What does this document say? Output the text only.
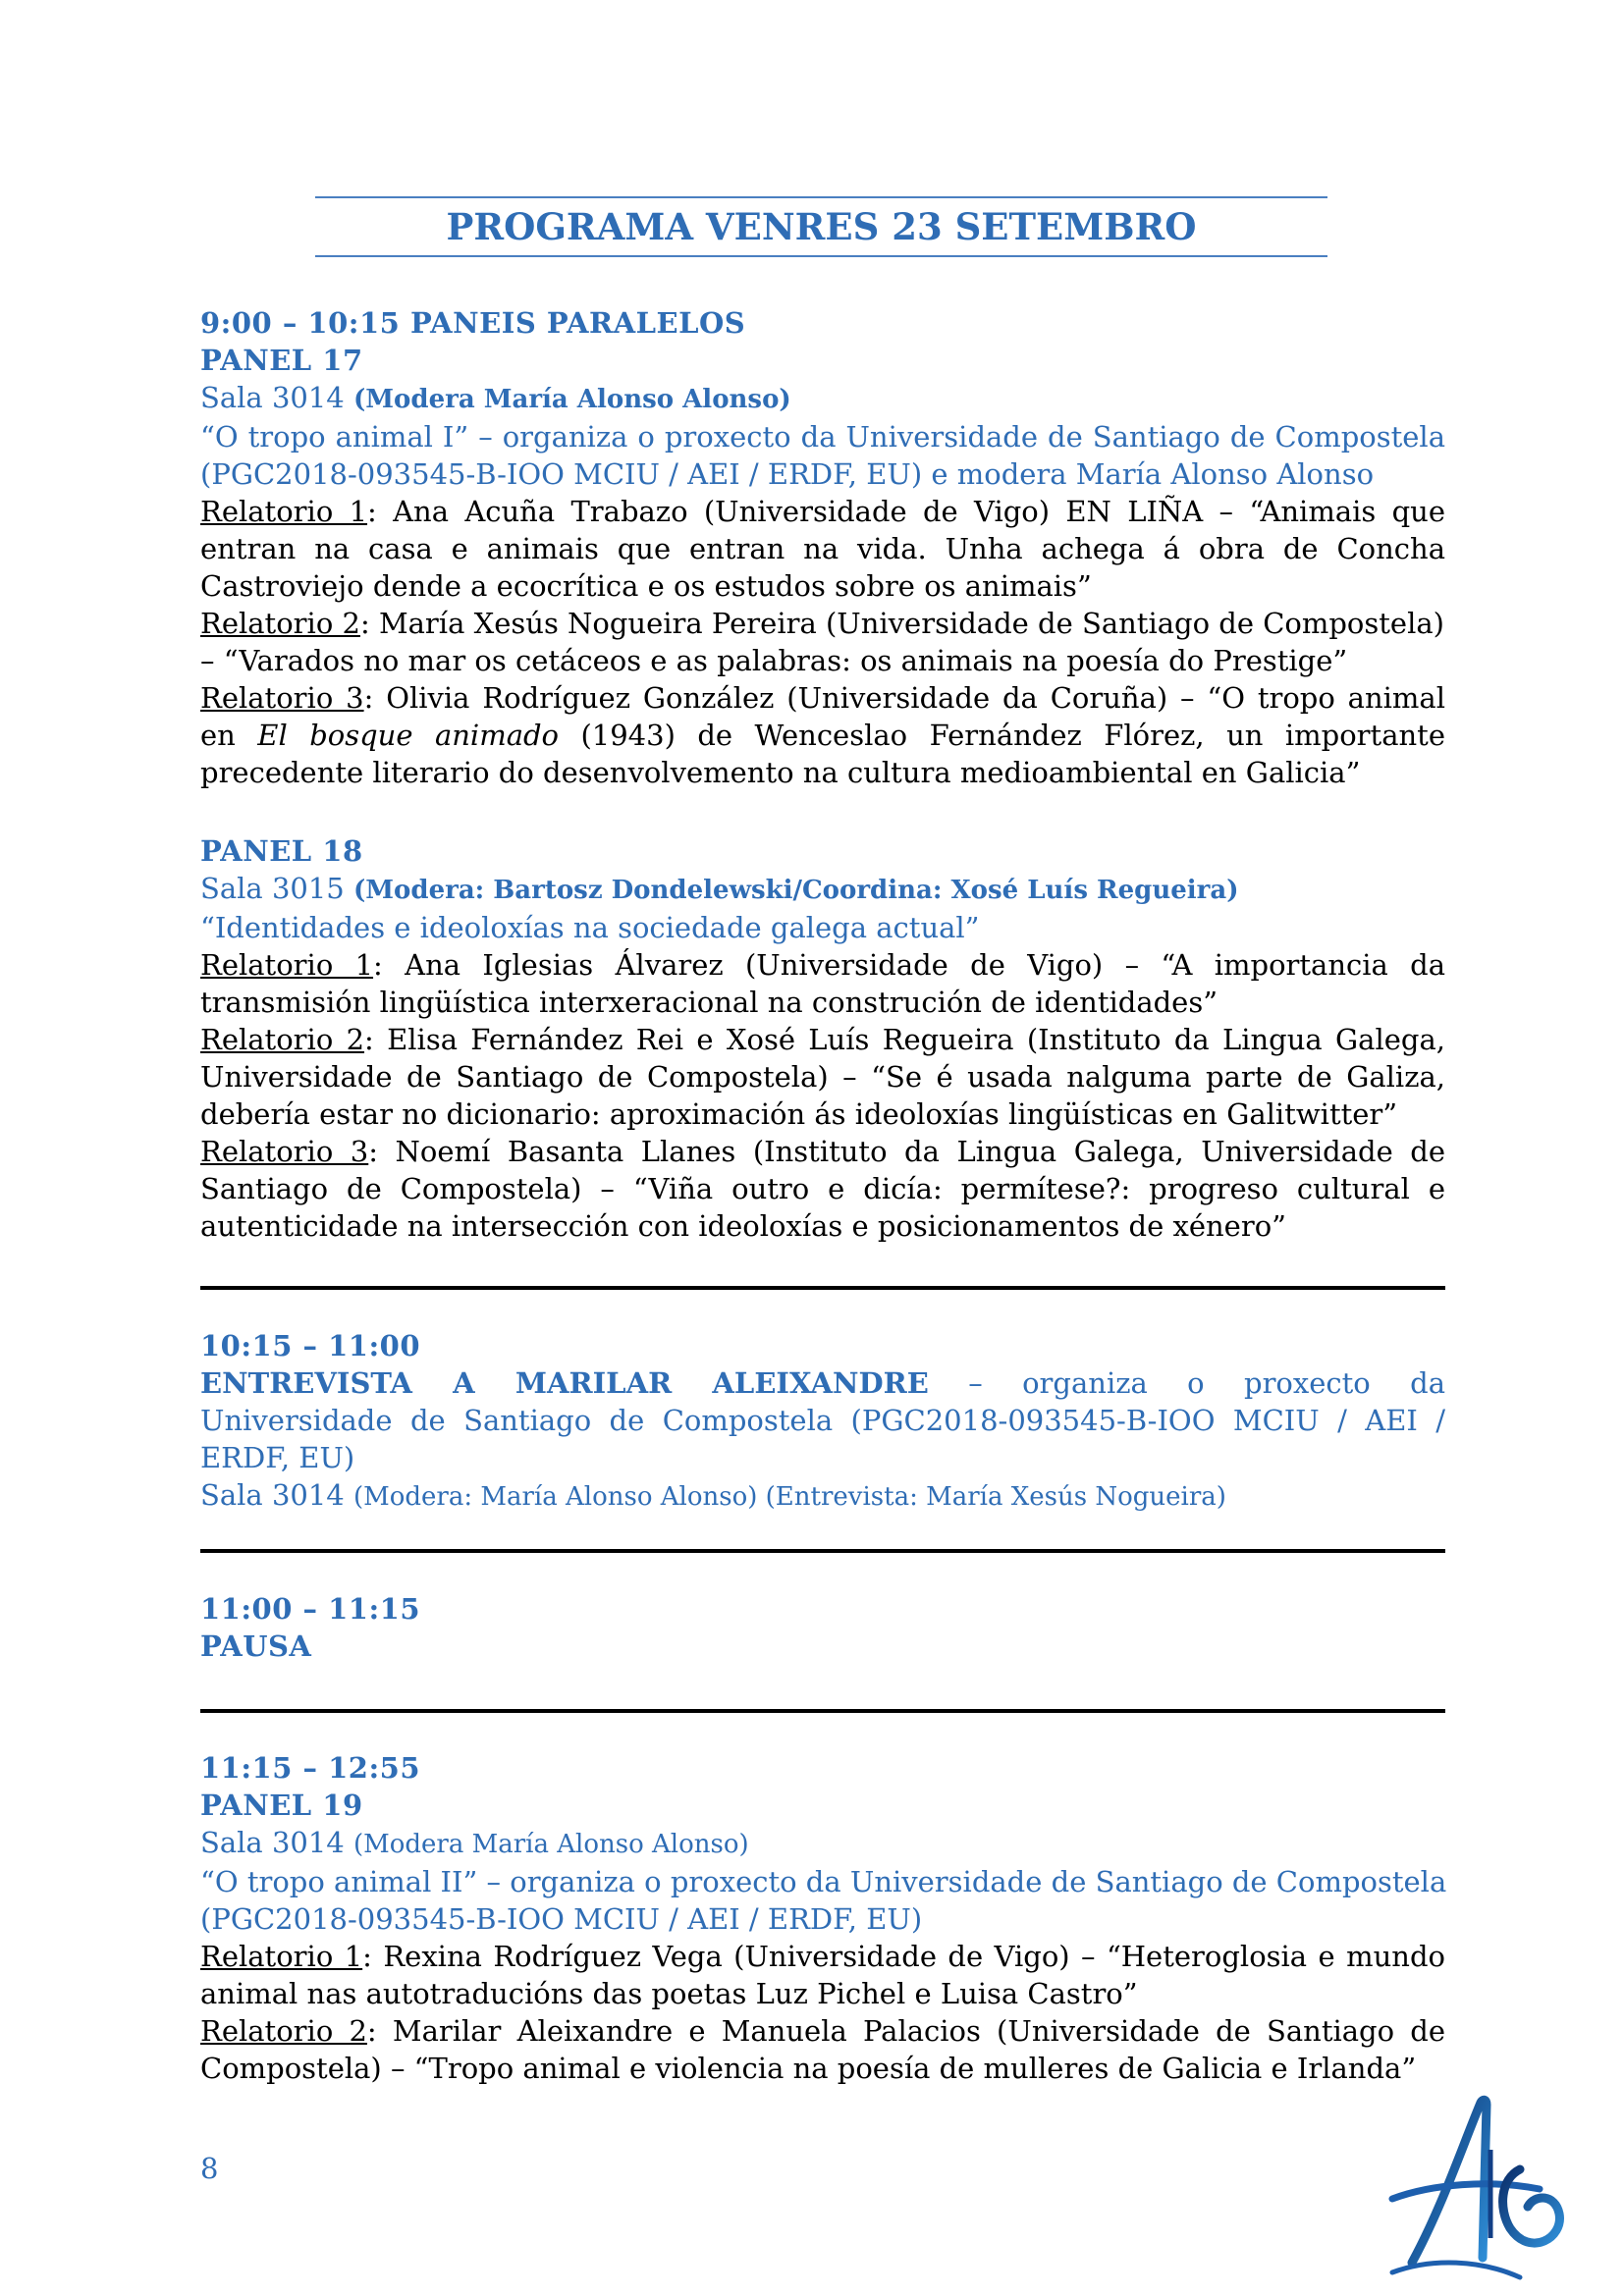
PROGRAMA VENRES 23 SETEMBRO
9:00 – 10:15 PANEIS PARALELOS
PANEL 17
Sala 3014 (Modera María Alonso Alonso)
“O tropo animal I” – organiza o proxecto da Universidade de Santiago de Compostela
(PGC2018-093545-B-IOO MCIU / AEI / ERDF, EU) e modera María Alonso Alonso
Relatorio 1: Ana Acuña Trabazo (Universidade de Vigo) EN LIÑA – “Animais que
entran na casa e animais que entran na vida. Unha achega á obra de Concha
Castroviejo dende a ecocrítica e os estudos sobre os animais”
Relatorio 2: María Xesús Nogueira Pereira (Universidade de Santiago de Compostela)
– “Varados no mar os cetáceos e as palabras: os animais na poesía do Prestige”
Relatorio 3: Olivia Rodríguez González (Universidade da Coruña) – “O tropo animal
en El bosque animado (1943) de Wenceslao Fernández Flórez, un importante
precedente literario do desenvolvemento na cultura medioambiental en Galicia”
PANEL 18
Sala 3015 (Modera: Bartosz Dondelewski/Coordina: Xosé Luís Regueira)
“Identidades e ideoloxías na sociedade galega actual”
Relatorio 1: Ana Iglesias Álvarez (Universidade de Vigo) – “A importancia da
transmisión lingüística interxeracional na construción de identidades”
Relatorio 2: Elisa Fernández Rei e Xosé Luís Regueira (Instituto da Lingua Galega,
Universidade de Santiago de Compostela) – “Se é usada nalguma parte de Galiza,
debería estar no dicionario: aproximación ás ideoloxías lingüísticas en Galitwitter”
Relatorio 3: Noemí Basanta Llanes (Instituto da Lingua Galega, Universidade de
Santiago de Compostela) – “Viña outro e dicía: permítese?: progreso cultural e
autenticidade na intersección con ideoloxías e posicionamentos de xénero”
10:15 – 11:00
ENTREVISTA A MARILAR ALEIXANDRE – organiza o proxecto da
Universidade de Santiago de Compostela (PGC2018-093545-B-IOO MCIU / AEI /
ERDF, EU)
Sala 3014 (Modera: María Alonso Alonso) (Entrevista: María Xesús Nogueira)
11:00 – 11:15
PAUSA
11:15 – 12:55
PANEL 19
Sala 3014 (Modera María Alonso Alonso)
“O tropo animal II” – organiza o proxecto da Universidade de Santiago de Compostela
(PGC2018-093545-B-IOO MCIU / AEI / ERDF, EU)
Relatorio 1: Rexina Rodríguez Vega (Universidade de Vigo) – “Heteroglosia e mundo
animal nas autotraducións das poetas Luz Pichel e Luisa Castro”
Relatorio 2: Marilar Aleixandre e Manuela Palacios (Universidade de Santiago de
Compostela) – “Tropo animal e violencia na poesía de mulleres de Galicia e Irlanda”
8
